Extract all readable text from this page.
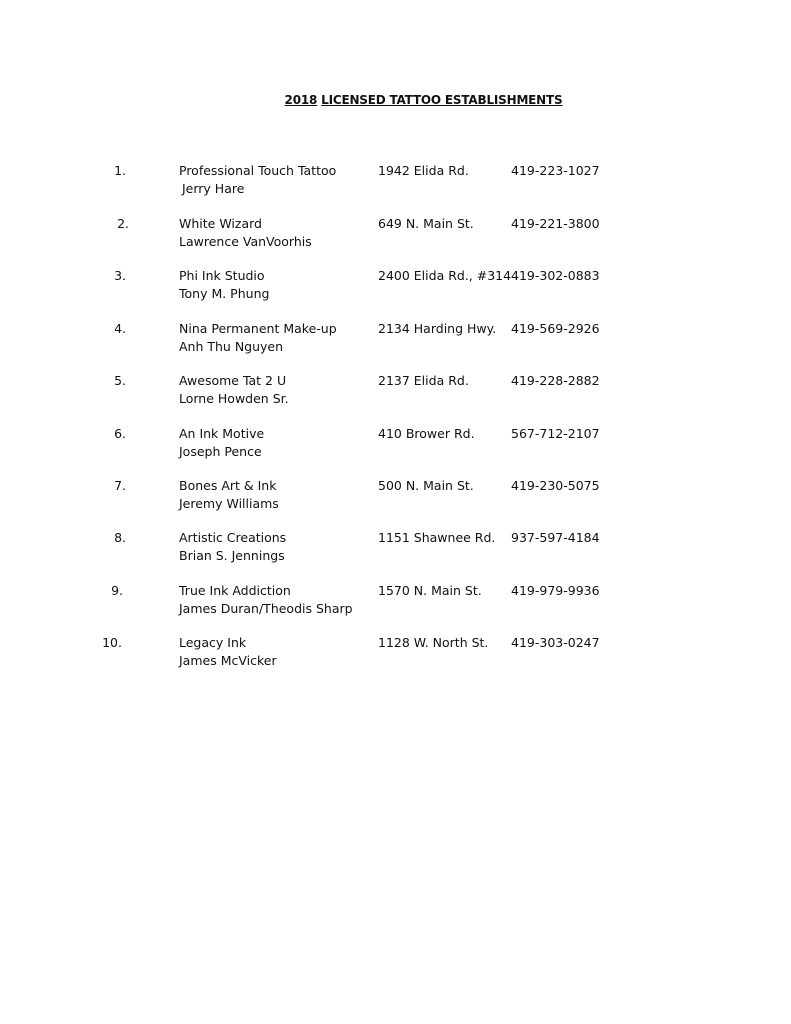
2018 LICENSED TATTOO ESTABLISHMENTS
1.	Professional Touch Tattoo
Jerry Hare
1942 Elida Rd.	419-223-1027
2.	White Wizard
Lawrence VanVoorhis
649 N. Main St.	419-221-3800
3.	Phi Ink Studio
Tony M. Phung
2400 Elida Rd., #314 419-302-0883
4.	Nina Permanent Make-up
Anh Thu Nguyen
2134 Harding Hwy. 419-569-2926
5.	Awesome Tat 2 U
Lorne Howden Sr.
2137 Elida Rd.	419-228-2882
6.	An Ink Motive
Joseph Pence
410 Brower Rd.	567-712-2107
7.	Bones Art & Ink
Jeremy Williams
500 N. Main St.	419-230-5075
8.	Artistic Creations
Brian S. Jennings
1151 Shawnee Rd. 937-597-4184
9.	True Ink Addiction
James Duran/Theodis Sharp
1570 N. Main St. 419-979-9936
10.	Legacy Ink
James McVicker
1128 W. North St. 419-303-0247
